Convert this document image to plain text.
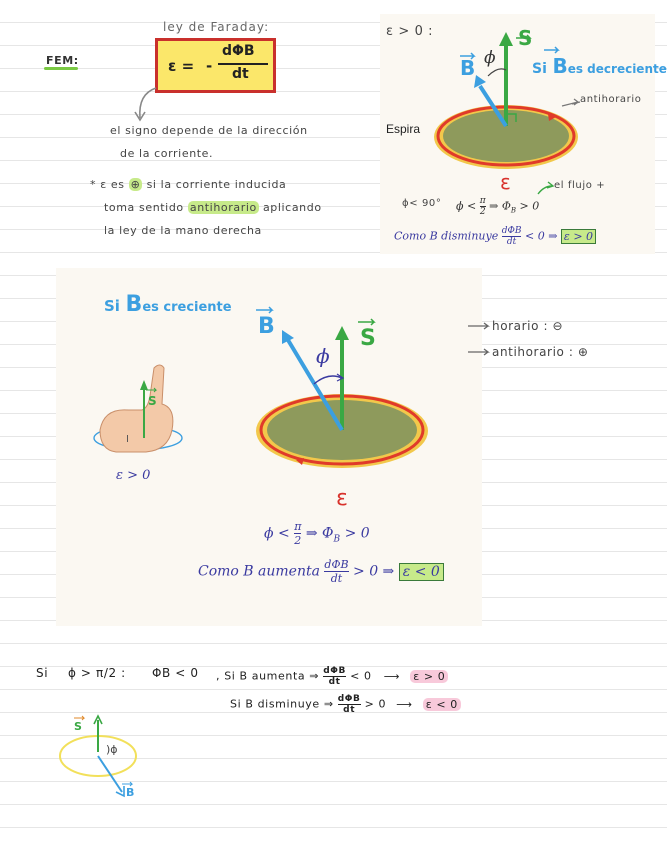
FEM:
ley de Faraday:
ε = -
dΦB
dt
el signo depende de la dirección
de la corriente.
* ε es ⊕ si la corriente inducida
toma sentido antihorario aplicando
la ley de la mano derecha
ε > 0 :	S
B ϕ
Si Bes decreciente
antihorario
Espira
ε
ϕ< 90° $\phi < \frac{\pi}{2}$ ⇒ $\Phi_B > 0$
el flujo +
Como B disminuye dΦB
dt < 0 ⇒ ε > 0
Si Bes creciente
B	S
ϕ
S
I
ε > 0
ε
$\phi < \frac{\pi}{2}$ ⇒ $\Phi_B > 0$
Como B aumenta dΦB
dt > 0 ⇒ ε < 0
horario : ⊖
antihorario : ⊕
Si ϕ > π/2 : ΦB < 0 , Si B aumenta ⇒ dΦB
dt < 0 ⟶ ε > 0
Si B disminuye ⇒ dΦB
dt > 0 ⟶ ε < 0
S
B
)ϕ
